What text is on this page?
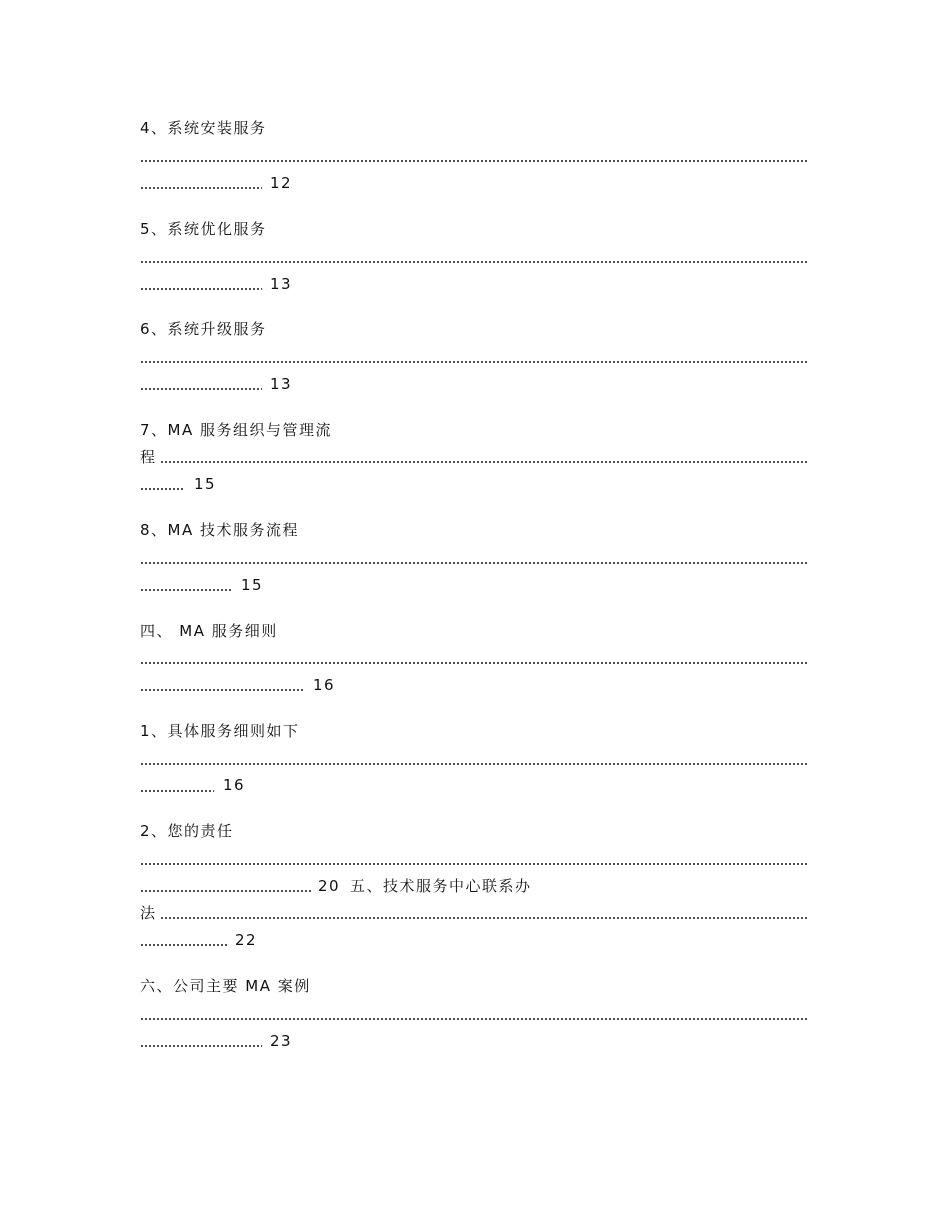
4、系统安装服务
12
5、系统优化服务
13
6、系统升级服务
13
7、MA 服务组织与管理流
程
15
8、MA 技术服务流程
15
四、 MA 服务细则
16
1、具体服务细则如下
16
2、您的责任
20 五、技术服务中心联系办
法
22
六、公司主要 MA 案例
23
